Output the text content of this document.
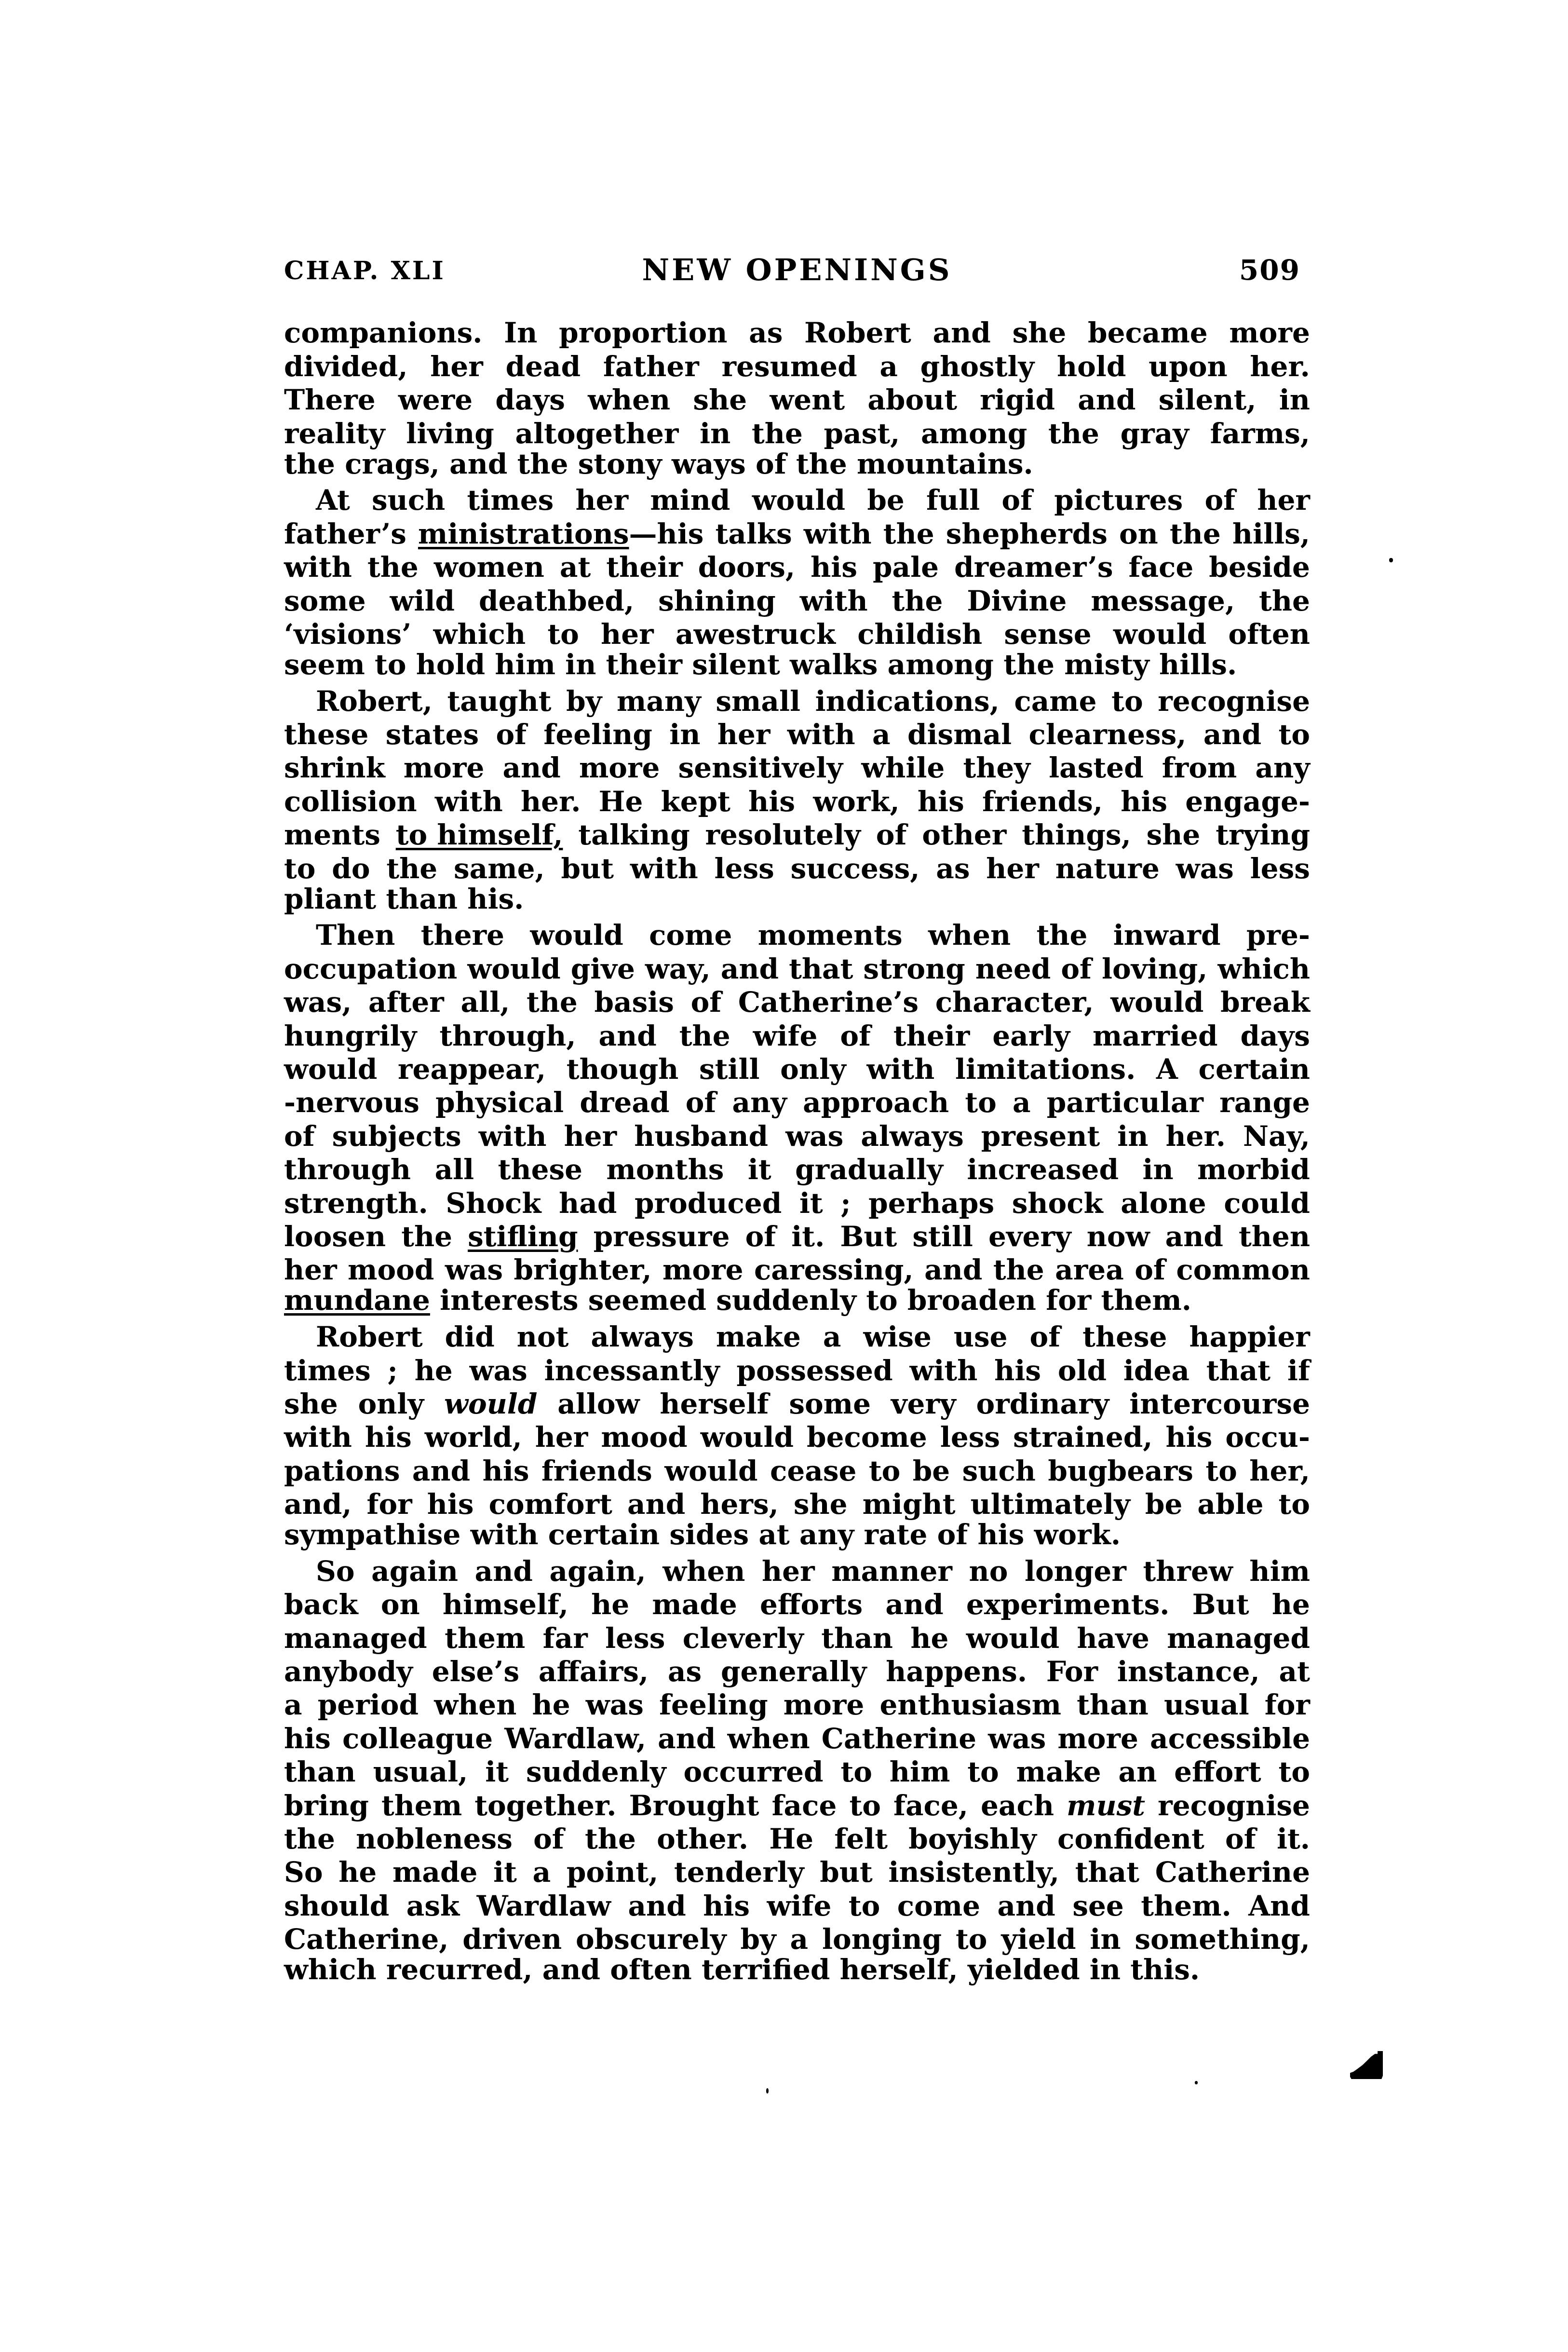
CHAP. XLI	NEW OPENINGS	509
companions. In proportion as Robert and she became more
divided, her dead father resumed a ghostly hold upon her.
There were days when she went about rigid and silent, in
reality living altogether in the past, among the gray farms,
the crags, and the stony ways of the mountains.
At such times her mind would be full of pictures of her
father’s ministrations—his talks with the shepherds on the hills,
with the women at their doors, his pale dreamer’s face beside
some wild deathbed, shining with the Divine message, the
‘visions’ which to her awestruck childish sense would often
seem to hold him in their silent walks among the misty hills.
Robert, taught by many small indications, came to recognise
these states of feeling in her with a dismal clearness, and to
shrink more and more sensitively while they lasted from any
collision with her. He kept his work, his friends, his engage-
ments to himself, talking resolutely of other things, she trying
to do the same, but with less success, as her nature was less
pliant than his.
Then there would come moments when the inward pre-
occupation would give way, and that strong need of loving, which
was, after all, the basis of Catherine’s character, would break
hungrily through, and the wife of their early married days
would reappear, though still only with limitations. A certain
-nervous physical dread of any approach to a particular range
of subjects with her husband was always present in her. Nay,
through all these months it gradually increased in morbid
strength. Shock had produced it ; perhaps shock alone could
loosen the stifling pressure of it. But still every now and then
her mood was brighter, more caressing, and the area of common
mundane interests seemed suddenly to broaden for them.
Robert did not always make a wise use of these happier
times ; he was incessantly possessed with his old idea that if
she only would allow herself some very ordinary intercourse
with his world, her mood would become less strained, his occu-
pations and his friends would cease to be such bugbears to her,
and, for his comfort and hers, she might ultimately be able to
sympathise with certain sides at any rate of his work.
So again and again, when her manner no longer threw him
back on himself, he made efforts and experiments. But he
managed them far less cleverly than he would have managed
anybody else’s affairs, as generally happens. For instance, at
a period when he was feeling more enthusiasm than usual for
his colleague Wardlaw, and when Catherine was more accessible
than usual, it suddenly occurred to him to make an effort to
bring them together. Brought face to face, each must recognise
the nobleness of the other. He felt boyishly confident of it.
So he made it a point, tenderly but insistently, that Catherine
should ask Wardlaw and his wife to come and see them. And
Catherine, driven obscurely by a longing to yield in something,
which recurred, and often terrified herself, yielded in this.
